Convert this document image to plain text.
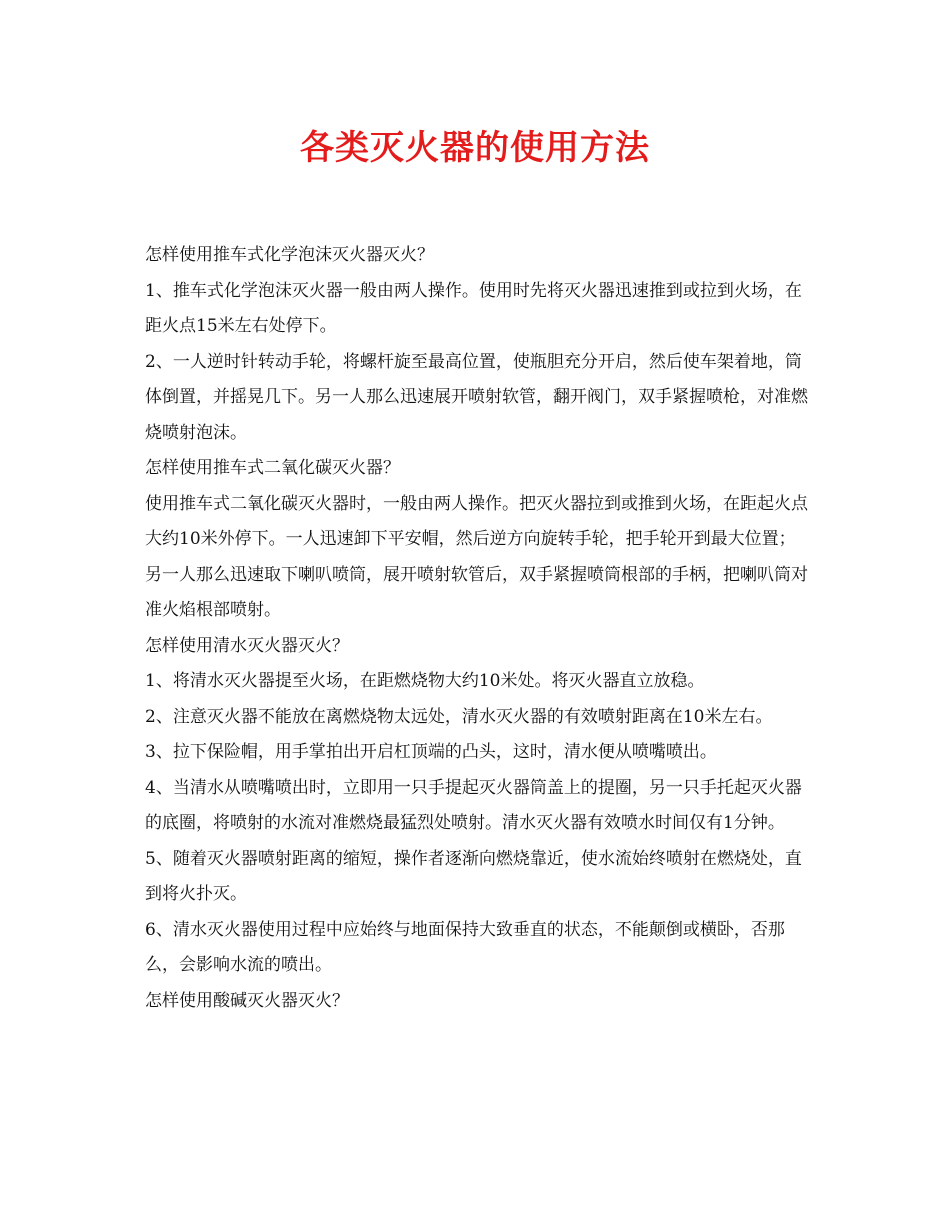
各类灭火器的使用方法

怎样使用推车式化学泡沫灭火器灭火？

1、推车式化学泡沫灭火器一般由两人操作。使用时先将灭火器迅速推到或拉到火场，在距火点15米左右处停下。

2、一人逆时针转动手轮，将螺杆旋至最高位置，使瓶胆充分开启，然后使车架着地，筒体倒置，并摇晃几下。另一人那么迅速展开喷射软管，翻开阀门，双手紧握喷枪，对准燃烧喷射泡沫。

怎样使用推车式二氧化碳灭火器？

使用推车式二氧化碳灭火器时，一般由两人操作。把灭火器拉到或推到火场，在距起火点大约10米外停下。一人迅速卸下平安帽，然后逆方向旋转手轮，把手轮开到最大位置；另一人那么迅速取下喇叭喷筒，展开喷射软管后，双手紧握喷筒根部的手柄，把喇叭筒对准火焰根部喷射。

怎样使用清水灭火器灭火？

1、将清水灭火器提至火场，在距燃烧物大约10米处。将灭火器直立放稳。

2、注意灭火器不能放在离燃烧物太远处，清水灭火器的有效喷射距离在10米左右。

3、拉下保险帽，用手掌拍出开启杠顶端的凸头，这时，清水便从喷嘴喷出。

4、当清水从喷嘴喷出时，立即用一只手提起灭火器筒盖上的提圈，另一只手托起灭火器的底圈，将喷射的水流对准燃烧最猛烈处喷射。清水灭火器有效喷水时间仅有1分钟。

5、随着灭火器喷射距离的缩短，操作者逐渐向燃烧靠近，使水流始终喷射在燃烧处，直到将火扑灭。

6、清水灭火器使用过程中应始终与地面保持大致垂直的状态，不能颠倒或横卧，否那么，会影响水流的喷出。

怎样使用酸碱灭火器灭火？
